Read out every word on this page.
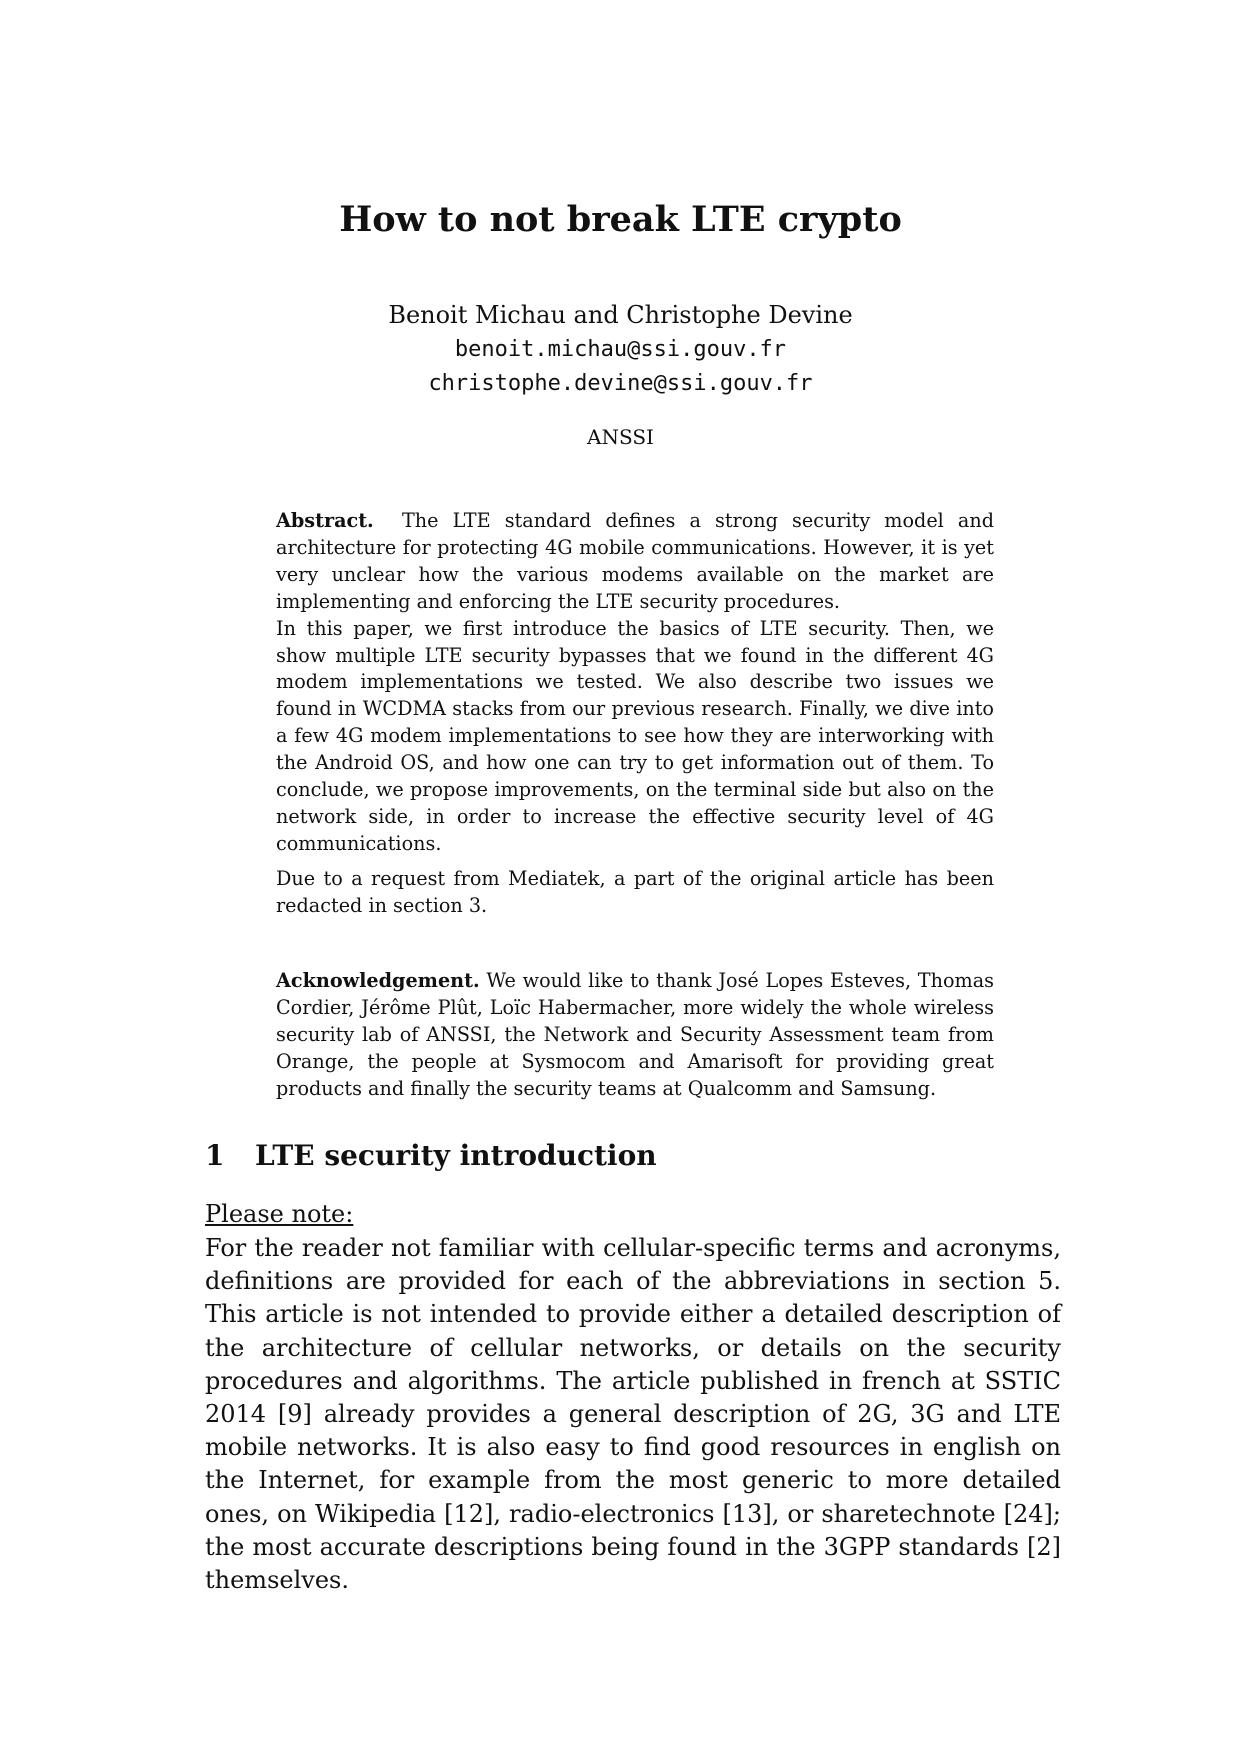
How to not break LTE crypto
Benoit Michau and Christophe Devine
benoit.michau@ssi.gouv.fr
christophe.devine@ssi.gouv.fr
ANSSI

Abstract. The LTE standard defines a strong security model and architecture for protecting 4G mobile communications. However, it is yet very unclear how the various modems available on the market are implementing and enforcing the LTE security procedures.

In this paper, we first introduce the basics of LTE security. Then, we show multiple LTE security bypasses that we found in the different 4G modem implementations we tested. We also describe two issues we found in WCDMA stacks from our previous research. Finally, we dive into a few 4G modem implementations to see how they are interworking with the Android OS, and how one can try to get information out of them. To conclude, we propose improvements, on the terminal side but also on the network side, in order to increase the effective security level of 4G communications.

Due to a request from Mediatek, a part of the original article has been redacted in section 3.

Acknowledgement. We would like to thank José Lopes Esteves, Thomas Cordier, Jérôme Plût, Loïc Habermacher, more widely the whole wireless security lab of ANSSI, the Network and Security Assessment team from Orange, the people at Sysmocom and Amarisoft for providing great products and finally the security teams at Qualcomm and Samsung.

1 LTE security introduction
Please note:

For the reader not familiar with cellular-specific terms and acronyms, definitions are provided for each of the abbreviations in section 5. This article is not intended to provide either a detailed description of the architecture of cellular networks, or details on the security procedures and algorithms. The article published in french at SSTIC 2014 [9] already provides a general description of 2G, 3G and LTE mobile networks. It is also easy to find good resources in english on the Internet, for example from the most generic to more detailed ones, on Wikipedia [12], radio-electronics [13], or sharetechnote [24]; the most accurate descriptions being found in the 3GPP standards [2] themselves.
